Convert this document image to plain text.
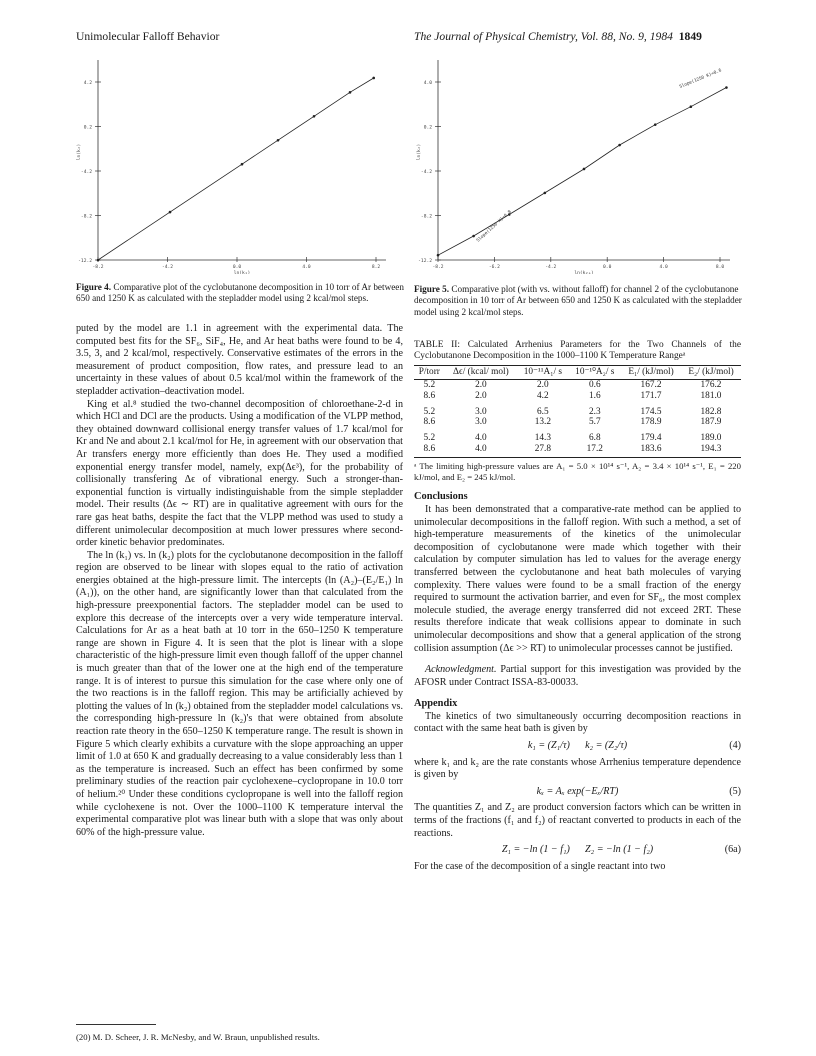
Unimolecular Falloff Behavior	The Journal of Physical Chemistry, Vol. 88, No. 9, 1984 1849
4.2
0.2
-4.2
-8.2
-12.2
-8.2	-4.2	0.0	4.0	8.2
ln(k₁)
ln(k₂)
Figure 4. Comparative plot of the cyclobutanone decomposition in 10 torr of Ar between 650 and 1250 K as calculated with the stepladder model using 2 kcal/mol steps.
4.0
0.2
-4.2
-8.2
-12.2
-8.2	-6.2	-4.2	0.0	4.0	8.0
ln(k₂ₐ)
ln(k₂)
Slope(1250 K)=0.8
Slope(1250 K)=0.6
Figure 5. Comparative plot (with vs. without falloff) for channel 2 of the cyclobutanone decomposition in 10 torr of Ar between 650 and 1250 K as calculated with the stepladder model using 2 kcal/mol steps.

puted by the model are 1.1 in agreement with the experimental data. The computed best fits for the SF₆, SiF₄, He, and Ar heat baths were found to be 4, 3.5, 3, and 2 kcal/mol, respectively. Conservative estimates of the errors in the measurement of product composition, flow rates, and pressure lead to an uncertainty in these values of about 0.5 kcal/mol within the framework of the stepladder activation–deactivation model.

King et al.⁸ studied the two-channel decomposition of chloroethane-2-d in which HCl and DCl are the products. Using a modification of the VLPP method, they obtained downward collisional energy transfer values of 1.7 kcal/mol for Kr and Ne and about 2.1 kcal/mol for He, in agreement with our observation that Ar transfers energy more efficiently than does He. They used a modified exponential energy transfer model, namely, exp(Δϵ³), for the probability of collisionally transfering Δϵ of vibrational energy. Such a stronger-than-exponential function is virtually indistinguishable from the simple stepladder model. Their results (Δϵ ∼ RT) are in qualitative agreement with ours for the rare gas heat baths, despite the fact that the VLPP method was used to study a different unimolecular decomposition at much lower pressures where second-order kinetic behavior predominates.

The ln (k₁) vs. ln (k₂) plots for the cyclobutanone decomposition in the falloff region are observed to be linear with slopes equal to the ratio of activation energies obtained at the high-pressure limit. The intercepts (ln (A₂)–(E₂/E₁) ln (A₁)), on the other hand, are significantly lower than that calculated from the high-pressure preexponential factors. The stepladder model can be used to explore this decrease of the intercepts over a very wide temperature interval. Calculations for Ar as a heat bath at 10 torr in the 650–1250 K temperature range are shown in Figure 4. It is seen that the plot is linear with a slope characteristic of the high-pressure limit even though falloff of the upper channel is much greater than that of the lower one at the high end of the temperature range. It is of interest to pursue this simulation for the case where only one of the two reactions is in the falloff region. This may be artificially achieved by plotting the values of ln (k₂) obtained from the stepladder model calculations vs. the corresponding high-pressure ln (k₂)'s that were obtained from absolute reaction rate theory in the 650–1250 K temperature range. The result is shown in Figure 5 which clearly exhibits a curvature with the slope approaching an upper limit of 1.0 at 650 K and gradually decreasing to a value considerably less than 1 as the temperature is increased. Such an effect has been confirmed by some preliminary studies of the reaction pair cyclohexene–cyclopropane in 10.0 torr of helium.²⁰ Under these conditions cyclopropane is well into the falloff region while cyclohexene is not. Over the 1000–1100 K temperature interval the experimental comparative plot was linear buth with a slope that was only about 60% of the high-pressure value.

(20) M. D. Scheer, J. R. McNesby, and W. Braun, unpublished results.
TABLE II: Calculated Arrhenius Parameters for the Two Channels of the Cyclobutanone Decomposition in the 1000–1100 K Temperature Rangeᵃ
P/torr	Δϵ/ (kcal/ mol)	10⁻¹¹A₁/ s	10⁻¹⁰A₂/ s	E₁/ (kJ/mol)	E₂/ (kJ/mol)
5.2	2.0	2.0	0.6	167.2	176.2
8.6	2.0	4.2	1.6	171.7	181.0
5.2	3.0	6.5	2.3	174.5	182.8
8.6	3.0	13.2	5.7	178.9	187.9
5.2	4.0	14.3	6.8	179.4	189.0
8.6	4.0	27.8	17.2	183.6	194.3
ᵃ The limiting high-pressure values are A₁ = 5.0 × 10¹⁴ s⁻¹, A₂ = 3.4 × 10¹⁴ s⁻¹, E₁ = 220 kJ/mol, and E₂ = 245 kJ/mol.

Conclusions

It has been demonstrated that a comparative-rate method can be applied to unimolecular decompositions in the falloff region. With such a method, a set of high-temperature measurements of the kinetics of the unimolecular decomposition of cyclobutanone were made which together with their calculation by computer simulation has led to values for the average energy transferred between the cyclobutanone and heat bath molecules of varying complexity. There values were found to be a small fraction of the energy required to surmount the activation barrier, and even for SF₆, the most complex molecule studied, the average energy transferred did not exceed 2RT. These results therefore indicate that weak collisions appear to dominate in such unimolecular decompositions and show that a general application of the strong collision assumption (Δϵ >> RT) to unimolecular processes cannot be justified.

Acknowledgment. Partial support for this investigation was provided by the AFOSR under Contract ISSA-83-00033.

Appendix

The kinetics of two simultaneously occurring decomposition reactions in contact with the same heat bath is given by

k₁ = (Z₁/τ)      k₂ = (Z₂/τ)	(4)

where k₁ and k₂ are the rate constants whose Arrhenius temperature dependence is given by

kₓ = Aₓ exp(−Eₓ/RT)	(5)

The quantities Z₁ and Z₂ are product conversion factors which can be written in terms of the fractions (f₁ and f₂) of reactant converted to products in each of the reactions.

Z₁ = −ln (1 − f₁)      Z₂ = −ln (1 − f₂)	(6a)

For the case of the decomposition of a single reactant into two
